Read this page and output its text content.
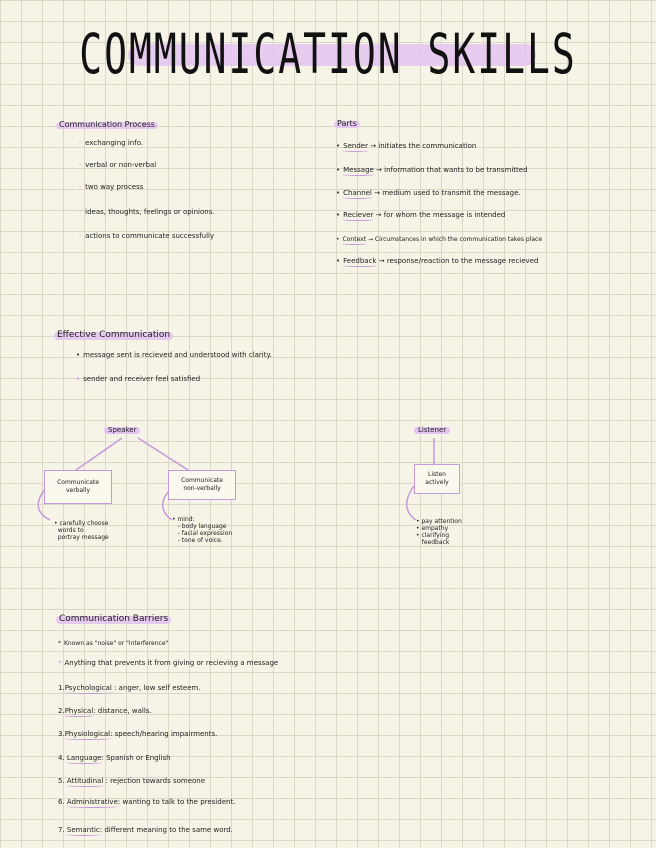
COMMUNICATION SKILLS
Communication Process
◦ exchanging info.
◦ verbal or non-verbal
◦ two way process
◦ ideas, thoughts, feelings or opinions.
◦ actions to communicate successfully
Parts
• Sender → initiates the communication
• Message → information that wants to be transmitted
• Channel → medium used to transmit the message.
• Reciever → for whom the message is intended
• Context → Circumstances in which the communication takes place
• Feedback → response/reaction to the message recieved
Effective Communication
• message sent is recieved and understood with clarity.
• sender and receiver feel satisfied
Speaker
Communicate
verbally
Communicate
non-verbally
• carefully choose
words to
portray message
• mind:
- body language
- facial expression
- tone of voice.
Listener
Listen
actively
• pay attention
• empathy
• clarifying
feedback
Communication Barriers
* Known as "noise" or "interference"
* Anything that prevents it from giving or recieving a message
1.Psychological : anger, low self esteem.
2.Physical: distance, walls.
3.Physiological: speech/hearing impairments.
4. Language: Spanish or English
5. Attitudinal : rejection towards someone
6. Administrative: wanting to talk to the president.
7. Semantic: different meaning to the same word.
